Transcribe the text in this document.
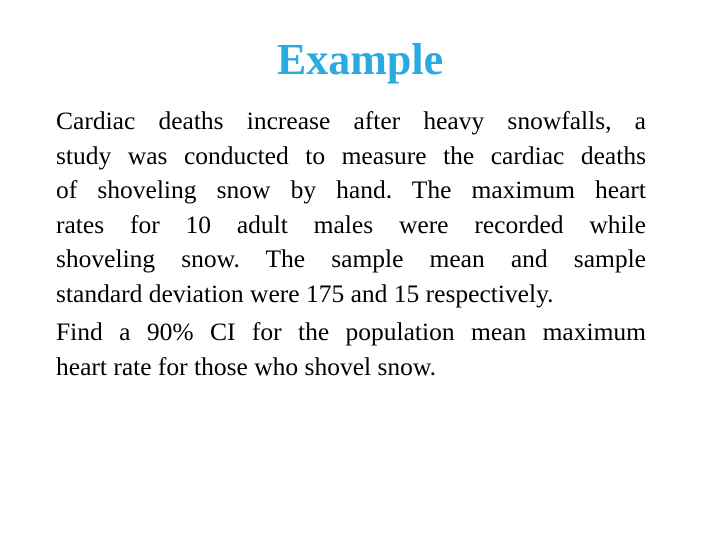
Example
Cardiac deaths increase after heavy snowfalls, a
study was conducted to measure the cardiac deaths
of shoveling snow by hand. The maximum heart
rates for 10 adult males were recorded while
shoveling snow. The sample mean and sample
standard deviation were 175 and 15 respectively.
Find a 90% CI for the population mean maximum
heart rate for those who shovel snow.
